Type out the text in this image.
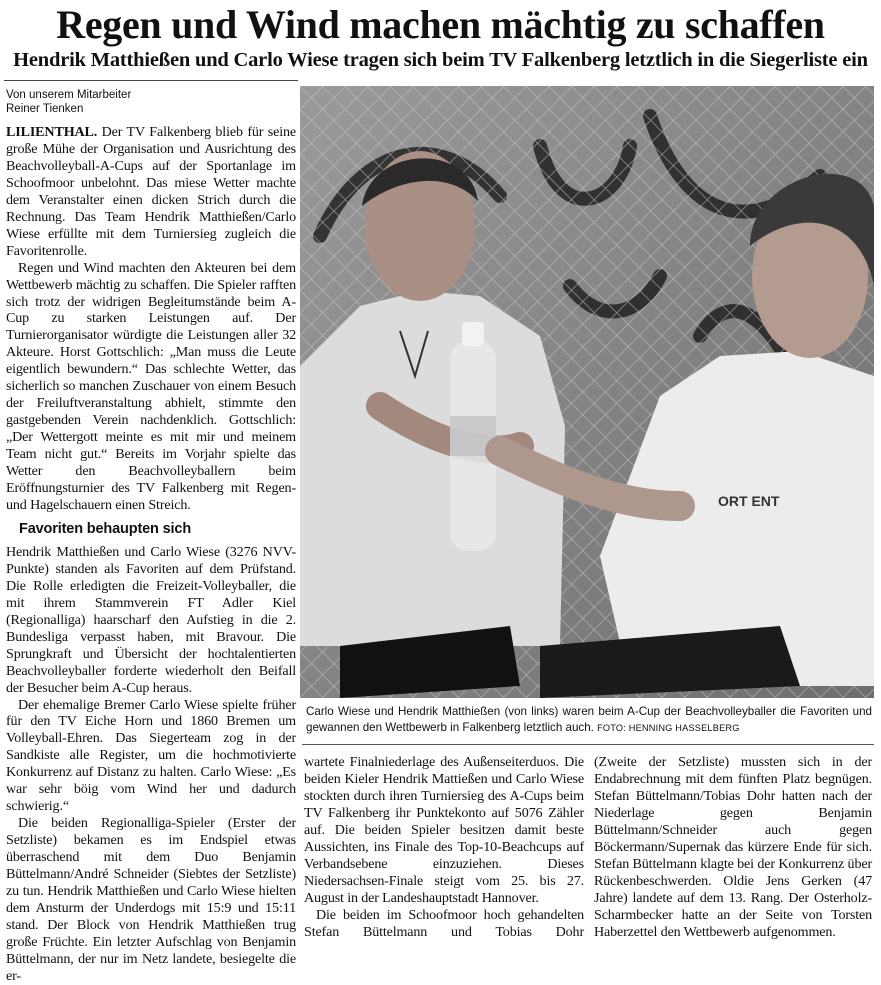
Regen und Wind machen mächtig zu schaffen
Hendrik Matthießen und Carlo Wiese tragen sich beim TV Falkenberg letztlich in die Siegerliste ein
Von unserem Mitarbeiter
Reiner Tienken

LILIENTHAL. Der TV Falkenberg blieb für seine große Mühe der Organisation und Ausrichtung des Beachvolleyball-A-Cups auf der Sportanlage im Schoofmoor unbelohnt. Das miese Wetter machte dem Veranstalter einen dicken Strich durch die Rechnung. Das Team Hendrik Matthießen/Carlo Wiese erfüllte mit dem Turniersieg zugleich die Favoritenrolle.

Regen und Wind machten den Akteuren bei dem Wettbewerb mächtig zu schaffen. Die Spieler rafften sich trotz der widrigen Begleitumstände beim A-Cup zu starken Leistungen auf. Der Turnierorganisator würdigte die Leistungen aller 32 Akteure. Horst Gottschlich: „Man muss die Leute eigentlich bewundern.“ Das schlechte Wetter, das sicherlich so manchen Zuschauer von einem Besuch der Freiluftveranstaltung abhielt, stimmte den gastgebenden Verein nachdenklich. Gottschlich: „Der Wettergott meinte es mit mir und meinem Team nicht gut.“ Bereits im Vorjahr spielte das Wetter den Beachvolleyballern beim Eröffnungsturnier des TV Falkenberg mit Regen- und Hagelschauern einen Streich.

Favoriten behaupten sich

Hendrik Matthießen und Carlo Wiese (3276 NVV-Punkte) standen als Favoriten auf dem Prüfstand. Die Rolle erledigten die Freizeit-Volleyballer, die mit ihrem Stammverein FT Adler Kiel (Regionalliga) haarscharf den Aufstieg in die 2. Bundesliga verpasst haben, mit Bravour. Die Sprungkraft und Übersicht der hochtalentierten Beachvolleyballer forderte wiederholt den Beifall der Besucher beim A-Cup heraus.

Der ehemalige Bremer Carlo Wiese spielte früher für den TV Eiche Horn und 1860 Bremen um Volleyball-Ehren. Das Siegerteam zog in der Sandkiste alle Register, um die hochmotivierte Konkurrenz auf Distanz zu halten. Carlo Wiese: „Es war sehr böig vom Wind her und dadurch schwierig.“

Die beiden Regionalliga-Spieler (Erster der Setzliste) bekamen es im Endspiel etwas überraschend mit dem Duo Benjamin Büttelmann/André Schneider (Siebtes der Setzliste) zu tun. Hendrik Matthießen und Carlo Wiese hielten dem Ansturm der Underdogs mit 15:9 und 15:11 stand. Der Block von Hendrik Matthießen trug große Früchte. Ein letzter Aufschlag von Benjamin Büttelmann, der nur im Netz landete, besiegelte die er-

ORT ENT
Carlo Wiese und Hendrik Matthießen (von links) waren beim A-Cup der Beachvolleyballer die Favoriten und gewannen den Wettbewerb in Falkenberg letztlich auch. FOTO: HENNING HASSELBERG

wartete Finalniederlage des Außenseiterduos. Die beiden Kieler Hendrik Mattießen und Carlo Wiese stockten durch ihren Turniersieg des A-Cups beim TV Falkenberg ihr Punktekonto auf 5076 Zähler auf. Die beiden Spieler besitzen damit beste Aussichten, ins Finale des Top-10-Beachcups auf Verbandsebene einzuziehen. Dieses Niedersachsen-Finale steigt vom 25. bis 27. August in der Landeshauptstadt Hannover.

Die beiden im Schoofmoor hoch gehandelten Stefan Büttelmann und Tobias Dohr

(Zweite der Setzliste) mussten sich in der Endabrechnung mit dem fünften Platz begnügen. Stefan Büttelmann/Tobias Dohr hatten nach der Niederlage gegen Benjamin Büttelmann/Schneider auch gegen Böckermann/Supernak das kürzere Ende für sich. Stefan Büttelmann klagte bei der Konkurrenz über Rückenbeschwerden. Oldie Jens Gerken (47 Jahre) landete auf dem 13. Rang. Der Osterholz-Scharmbecker hatte an der Seite von Torsten Haberzettel den Wettbewerb aufgenommen.
